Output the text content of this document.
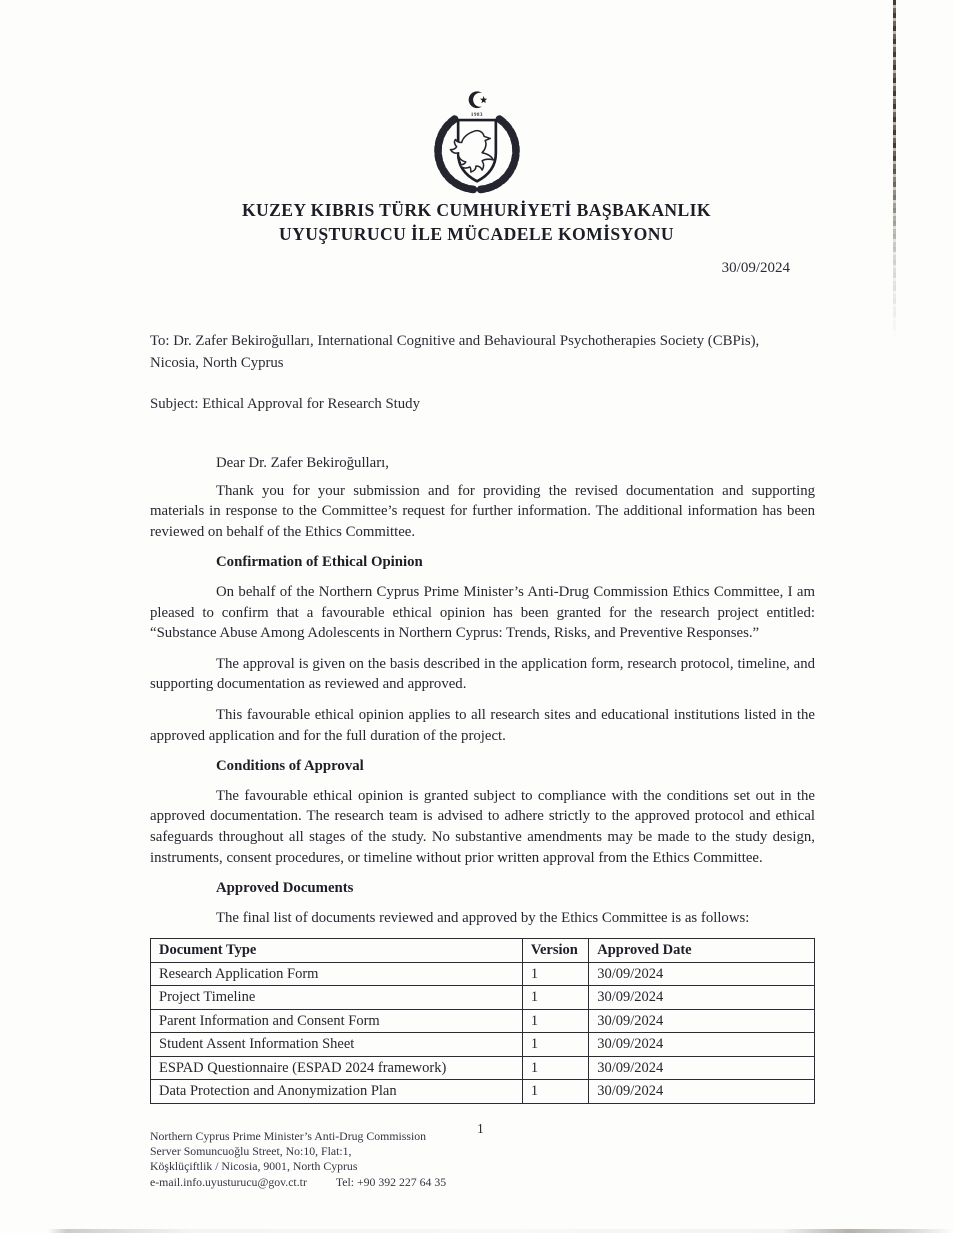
1983
KUZEY KIBRIS TÜRK CUMHURİYETİ BAŞBAKANLIK
UYUŞTURUCU İLE MÜCADELE KOMİSYONU
30/09/2024
To: Dr. Zafer Bekiroğulları, International Cognitive and Behavioural Psychotherapies Society (CBPis),
Nicosia, North Cyprus
Subject: Ethical Approval for Research Study
Dear Dr. Zafer Bekiroğulları,

Thank you for your submission and for providing the revised documentation and supporting materials in response to the Committee’s request for further information. The additional information has been reviewed on behalf of the Ethics Committee.

Confirmation of Ethical Opinion

On behalf of the Northern Cyprus Prime Minister’s Anti-Drug Commission Ethics Committee, I am pleased to confirm that a favourable ethical opinion has been granted for the research project entitled: “Substance Abuse Among Adolescents in Northern Cyprus: Trends, Risks, and Preventive Responses.”

The approval is given on the basis described in the application form, research protocol, timeline, and supporting documentation as reviewed and approved.

This favourable ethical opinion applies to all research sites and educational institutions listed in the approved application and for the full duration of the project.

Conditions of Approval

The favourable ethical opinion is granted subject to compliance with the conditions set out in the approved documentation. The research team is advised to adhere strictly to the approved protocol and ethical safeguards throughout all stages of the study. No substantive amendments may be made to the study design, instruments, consent procedures, or timeline without prior written approval from the Ethics Committee.

Approved Documents

The final list of documents reviewed and approved by the Ethics Committee is as follows:

Document Type	Version	Approved Date
Research Application Form	1	30/09/2024
Project Timeline	1	30/09/2024
Parent Information and Consent Form	1	30/09/2024
Student Assent Information Sheet	1	30/09/2024
ESPAD Questionnaire (ESPAD 2024 framework)	1	30/09/2024
Data Protection and Anonymization Plan	1	30/09/2024
1
Northern Cyprus Prime Minister’s Anti-Drug Commission
Server Somuncuoğlu Street, No:10, Flat:1,
Köşklüçiftlik / Nicosia, 9001, North Cyprus
e-mail.info.uyusturucu@gov.ct.tr Tel: +90 392 227 64 35
